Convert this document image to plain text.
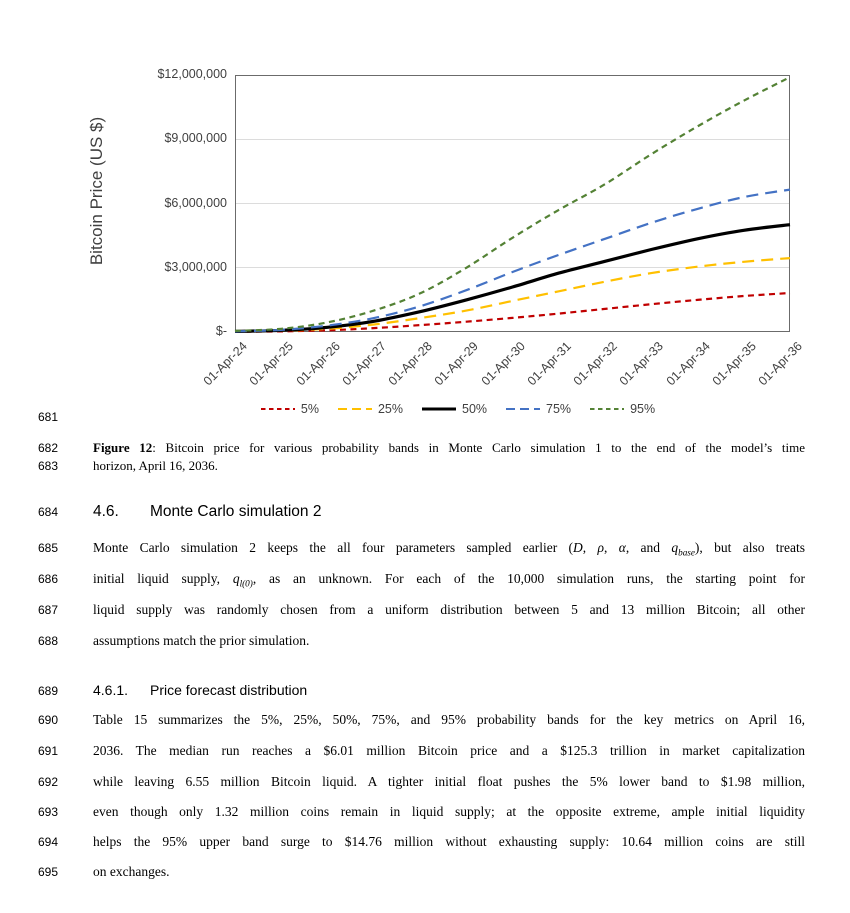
Bitcoin Price (US $)
$12,000,000
$9,000,000
$6,000,000
$3,000,000
$-
01-Apr-24
01-Apr-25
01-Apr-26
01-Apr-27
01-Apr-28
01-Apr-29
01-Apr-30
01-Apr-31
01-Apr-32
01-Apr-33
01-Apr-34
01-Apr-35
01-Apr-36
5%	25%	50%	75%	95%
681
682	Figure 12: Bitcoin price for various probability bands in Monte Carlo simulation 1 to the end of the model’s time
683	horizon, April 16, 2036.
684	4.6. Monte Carlo simulation 2
685	Monte Carlo simulation 2 keeps the all four parameters sampled earlier (D, ρ, α, and $q_{base}$), but also treats
686	initial liquid supply, $q_{l(0)}$, as an unknown. For each of the 10,000 simulation runs, the starting point for
687	liquid supply was randomly chosen from a uniform distribution between 5 and 13 million Bitcoin; all other
688	assumptions match the prior simulation.
689	4.6.1. Price forecast distribution
690	Table 15 summarizes the 5%, 25%, 50%, 75%, and 95% probability bands for the key metrics on April 16,
691	2036. The median run reaches a $6.01 million Bitcoin price and a $125.3 trillion in market capitalization
692	while leaving 6.55 million Bitcoin liquid. A tighter initial float pushes the 5% lower band to $1.98 million,
693	even though only 1.32 million coins remain in liquid supply; at the opposite extreme, ample initial liquidity
694	helps the 95% upper band surge to $14.76 million without exhausting supply: 10.64 million coins are still
695	on exchanges.
